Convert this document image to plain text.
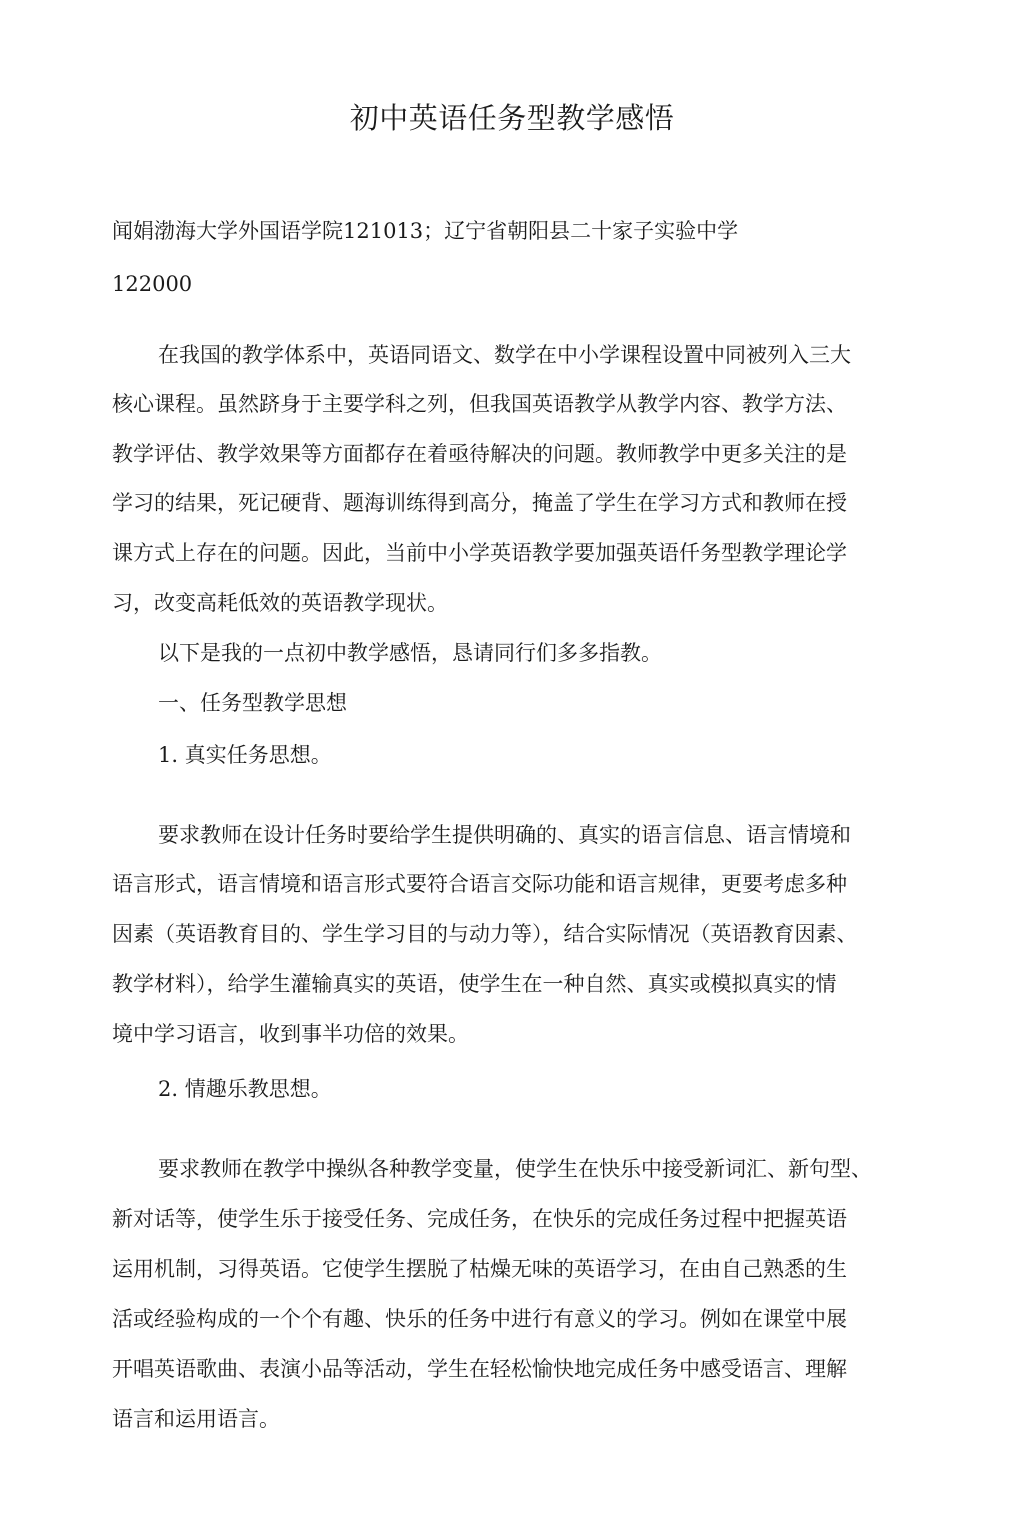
初中英语任务型教学感悟
闻娟渤海大学外国语学院121013；辽宁省朝阳县二十家子实验中学
122000
在我国的教学体系中，英语同语文、数学在中小学课程设置中同被列入三大
核心课程。虽然跻身于主要学科之列，但我国英语教学从教学内容、教学方法、
教学评估、教学效果等方面都存在着亟待解决的问题。教师教学中更多关注的是
学习的结果，死记硬背、题海训练得到高分，掩盖了学生在学习方式和教师在授
课方式上存在的问题。因此，当前中小学英语教学要加强英语仟务型教学理论学
习，改变高耗低效的英语教学现状。
以下是我的一点初中教学感悟，恳请同行们多多指教。
一、任务型教学思想
1. 真实任务思想。
要求教师在设计任务时要给学生提供明确的、真实的语言信息、语言情境和
语言形式，语言情境和语言形式要符合语言交际功能和语言规律，更要考虑多种
因素（英语教育目的、学生学习目的与动力等），结合实际情况（英语教育因素、
教学材料），给学生灌输真实的英语，使学生在一种自然、真实或模拟真实的情
境中学习语言，收到事半功倍的效果。
2. 情趣乐教思想。
要求教师在教学中操纵各种教学变量，使学生在快乐中接受新词汇、新句型、
新对话等，使学生乐于接受任务、完成任务，在快乐的完成任务过程中把握英语
运用机制，习得英语。它使学生摆脱了枯燥无味的英语学习，在由自己熟悉的生
活或经验构成的一个个有趣、快乐的任务中进行有意义的学习。例如在课堂中展
开唱英语歌曲、表演小品等活动，学生在轻松愉快地完成任务中感受语言、理解
语言和运用语言。
